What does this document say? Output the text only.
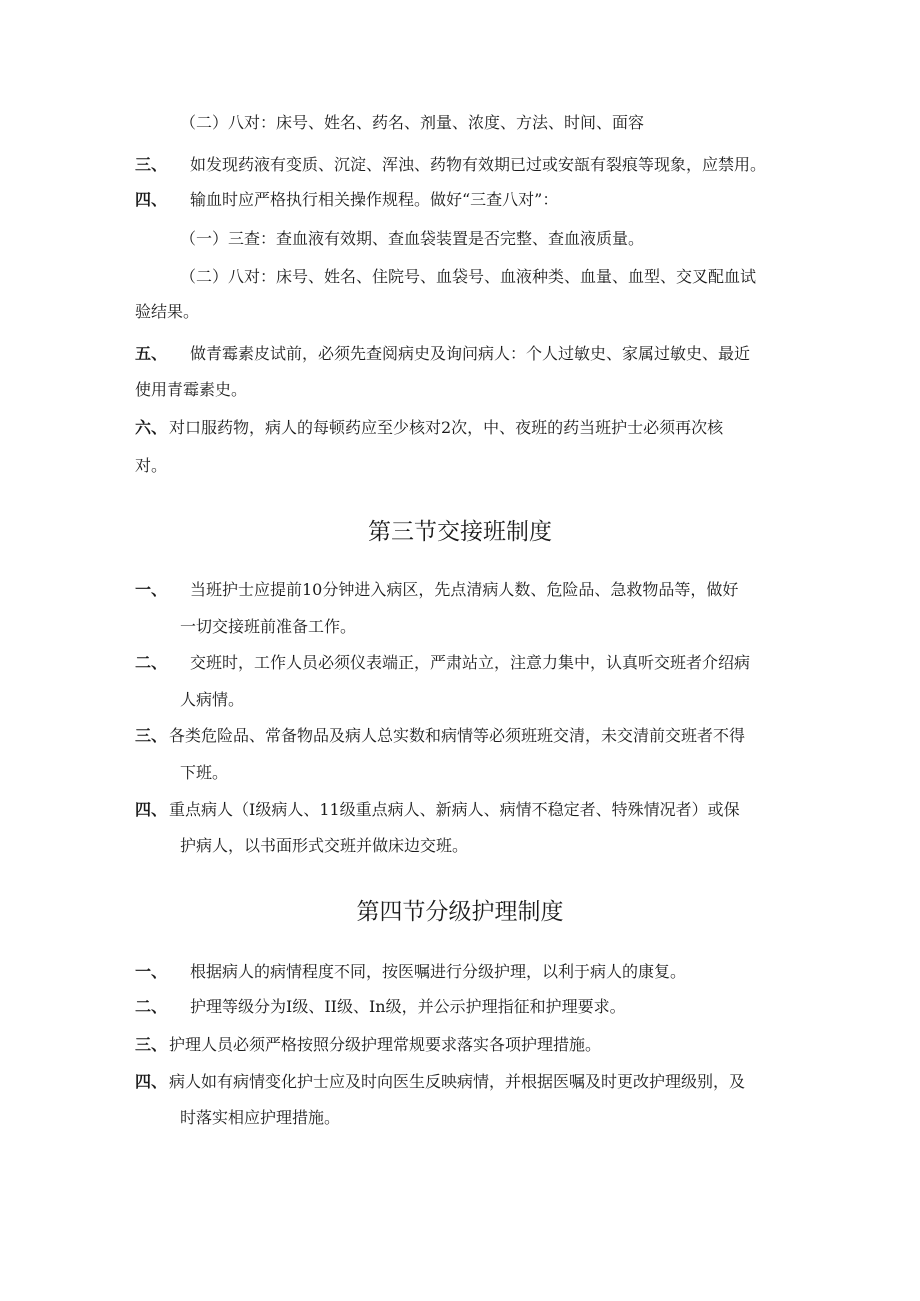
（二）八对：床号、姓名、药名、剂量、浓度、方法、时间、面容
三、 如发现药液有变质、沉淀、浑浊、药物有效期已过或安瓿有裂痕等现象，应禁用。
四、 输血时应严格执行相关操作规程。做好“三查八对”：
（一）三查：查血液有效期、查血袋装置是否完整、查血液质量。
（二）八对：床号、姓名、住院号、血袋号、血液种类、血量、血型、交叉配血试
验结果。
五、 做青霉素皮试前，必须先查阅病史及询问病人：个人过敏史、家属过敏史、最近
使用青霉素史。
六、 对口服药物，病人的每顿药应至少核对2次，中、夜班的药当班护士必须再次核
对。
第三节交接班制度
一、 当班护士应提前10分钟进入病区，先点清病人数、危险品、急救物品等，做好
一切交接班前准备工作。
二、 交班时，工作人员必须仪表端正，严肃站立，注意力集中，认真听交班者介绍病
人病情。
三、 各类危险品、常备物品及病人总实数和病情等必须班班交清，未交清前交班者不得
下班。
四、 重点病人（I级病人、11级重点病人、新病人、病情不稳定者、特殊情况者）或保
护病人，以书面形式交班并做床边交班。
第四节分级护理制度
一、 根据病人的病情程度不同，按医嘱进行分级护理，以利于病人的康复。
二、 护理等级分为I级、II级、In级，并公示护理指征和护理要求。
三、 护理人员必须严格按照分级护理常规要求落实各项护理措施。
四、 病人如有病情变化护士应及时向医生反映病情，并根据医嘱及时更改护理级别，及
时落实相应护理措施。
